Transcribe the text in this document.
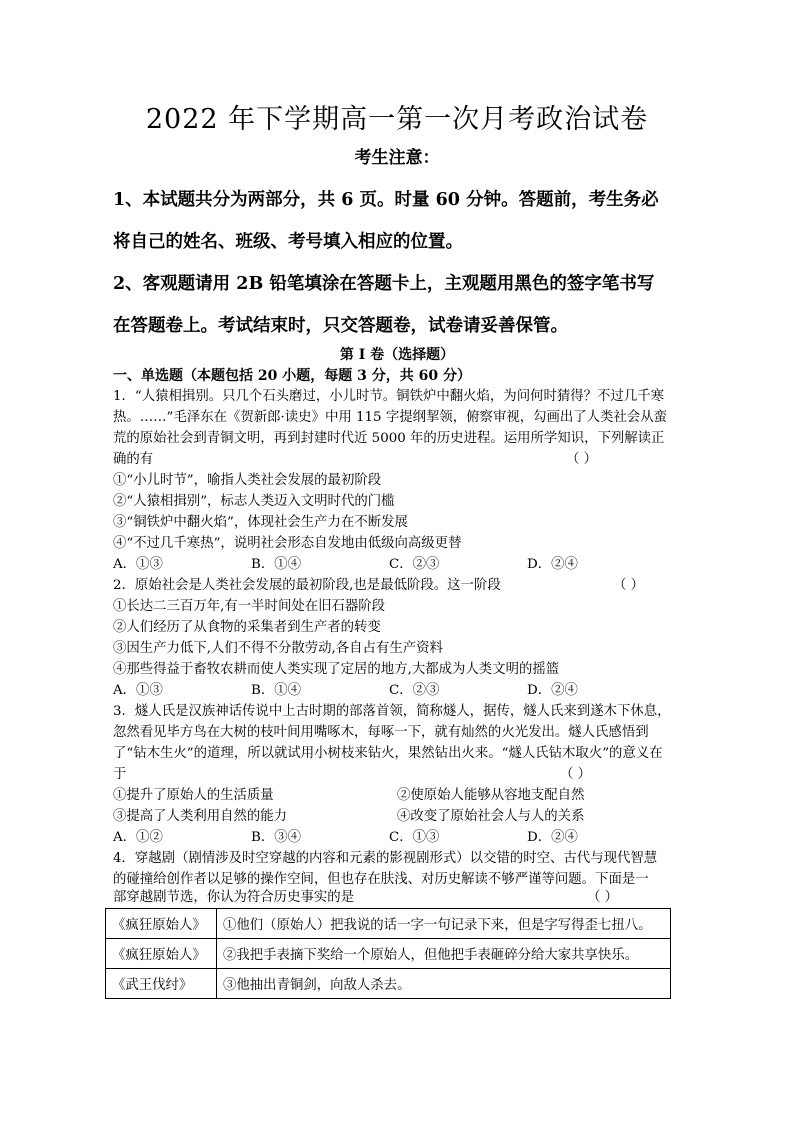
2022 年下学期高一第一次月考政治试卷
考生注意：
1、本试题共分为两部分，共 6 页。时量 60 分钟。答题前，考生务必
将自己的姓名、班级、考号填入相应的位置。
2、客观题请用 2B 铅笔填涂在答题卡上，主观题用黑色的签字笔书写
在答题卷上。考试结束时，只交答题卷，试卷请妥善保管。
第 I 卷（选择题）
一、单选题（本题包括 20 小题，每题 3 分，共 60 分）
1．“人猿相揖别。只几个石头磨过，小儿时节。铜铁炉中翻火焰，为问何时猜得？不过几千寒
热。……”毛泽东在《贺新郎·读史》中用 115 字提纲挈领，俯察审视，勾画出了人类社会从蛮
荒的原始社会到青铜文明，再到封建时代近 5000 年的历史进程。运用所学知识，下列解读正
确的有	（ ）
①“小儿时节”，喻指人类社会发展的最初阶段
②“人猿相揖别”，标志人类迈入文明时代的门槛
③“铜铁炉中翻火焰”，体现社会生产力在不断发展
④“不过几千寒热”，说明社会形态自发地由低级向高级更替
A．①③	B．①④	C．②③	D．②④
2．原始社会是人类社会发展的最初阶段,也是最低阶段。这一阶段	（ ）
①长达二三百万年,有一半时间处在旧石器阶段
②人们经历了从食物的采集者到生产者的转变
③因生产力低下,人们不得不分散劳动,各自占有生产资料
④那些得益于畜牧农耕而使人类实现了定居的地方,大都成为人类文明的摇篮
A．①③	B．①④	C．②③	D．②④
3．燧人氏是汉族神话传说中上古时期的部落首领，简称燧人，据传，燧人氏来到遂木下休息，
忽然看见毕方鸟在大树的枝叶间用嘴啄木，每啄一下，就有灿然的火光发出。燧人氏感悟到
了“钻木生火”的道理，所以就试用小树枝来钻火，果然钻出火来。“燧人氏钻木取火”的意义在
于	（ ）
①提升了原始人的生活质量	②使原始人能够从容地支配自然
③提高了人类利用自然的能力	④改变了原始社会人与人的关系
A．①②	B．③④	C．①③	D．②④
4．穿越剧（剧情涉及时空穿越的内容和元素的影视剧形式）以交错的时空、古代与现代智慧
的碰撞给创作者以足够的操作空间，但也存在肤浅、对历史解读不够严谨等问题。下面是一
部穿越剧节选，你认为符合历史事实的是	（ ）
《疯狂原始人》	①他们（原始人）把我说的话一字一句记录下来，但是字写得歪七扭八。
《疯狂原始人》	②我把手表摘下奖给一个原始人，但他把手表砸碎分给大家共享快乐。
《武王伐纣》	③他抽出青铜剑，向敌人杀去。
